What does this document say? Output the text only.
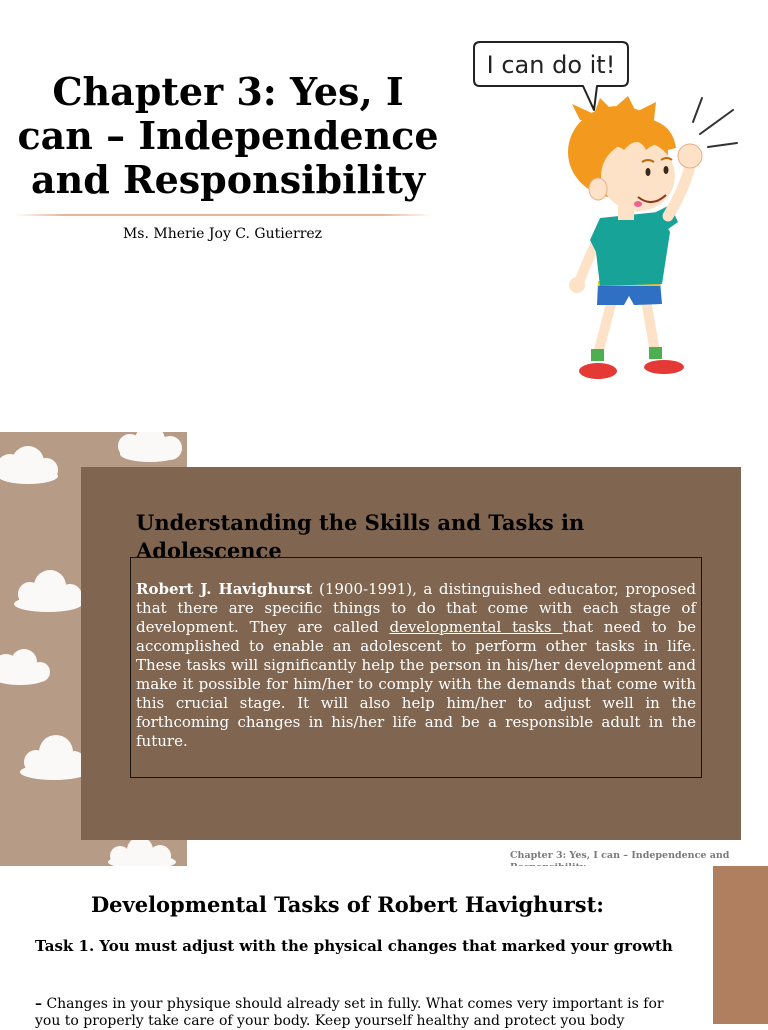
Chapter 3: Yes, I
can – Independence
and Responsibility
Ms. Mherie Joy C. Gutierrez
I can do it!
Understanding the Skills and Tasks in Adolescence

Robert J. Havighurst (1900-1991), a distinguished educator, proposed that there are specific things to do that come with each stage of development. They are called developmental tasks that need to be accomplished to enable an adolescent to perform other tasks in life. These tasks will significantly help the person in his/her development and make it possible for him/her to comply with the demands that come with this crucial stage. It will also help him/her to adjust well in the forthcoming changes in his/her life and be a responsible adult in the future.

Chapter 3: Yes, I can – Independence and
Developmental Tasks of Robert Havighurst:
Task 1. You must adjust with the physical changes that marked your growth

– Changes in your physique should already set in fully. What comes very important is for you to properly take care of your body. Keep yourself healthy and protect you body
